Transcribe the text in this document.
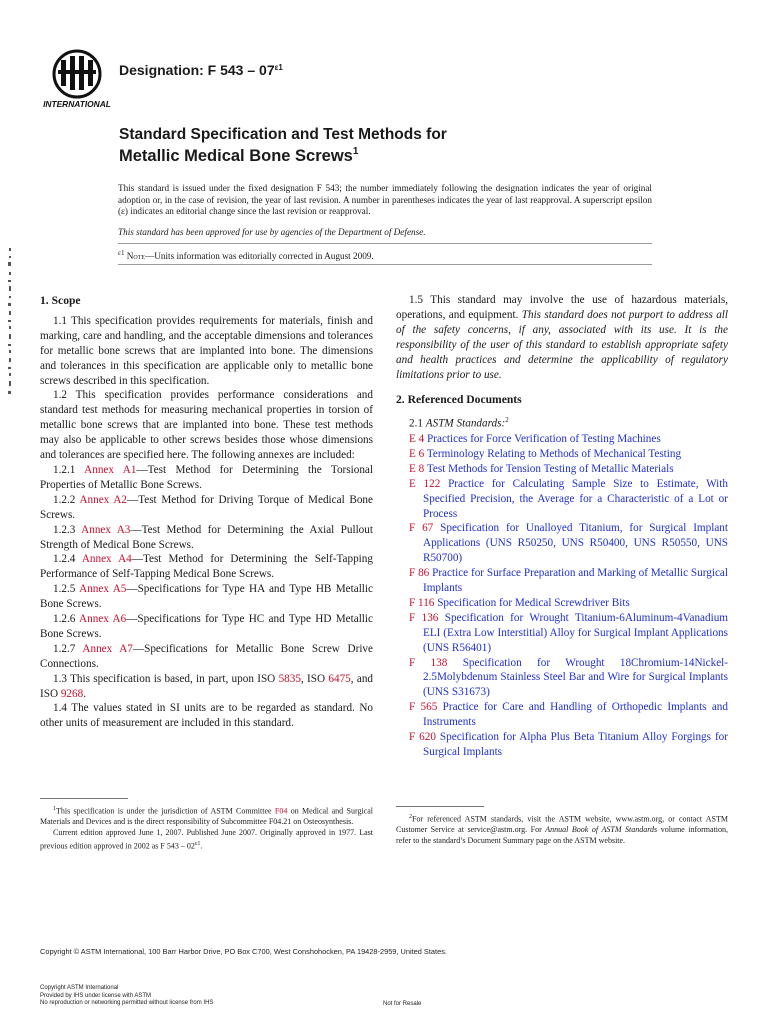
INTERNATIONAL
Designation: F $543 - 07^{\varepsilon 1}$
Standard Specification and Test Methods for
Metallic Medical Bone Screws$^1$
This standard is issued under the fixed designation F 543; the number immediately following the designation indicates the year of original adoption or, in the case of revision, the year of last revision. A number in parentheses indicates the year of last reapproval. A superscript epsilon (ε) indicates an editorial change since the last revision or reapproval.
This standard has been approved for use by agencies of the Department of Defense.
$^{\varepsilon 1}$ Note—Units information was editorially corrected in August 2009.
1. Scope

1.1 This specification provides requirements for materials, finish and marking, care and handling, and the acceptable dimensions and tolerances for metallic bone screws that are implanted into bone. The dimensions and tolerances in this specification are applicable only to metallic bone screws described in this specification.

1.2 This specification provides performance considerations and standard test methods for measuring mechanical properties in torsion of metallic bone screws that are implanted into bone. These test methods may also be applicable to other screws besides those whose dimensions and tolerances are specified here. The following annexes are included:

1.2.1 Annex A1—Test Method for Determining the Torsional Properties of Metallic Bone Screws.

1.2.2 Annex A2—Test Method for Driving Torque of Medical Bone Screws.

1.2.3 Annex A3—Test Method for Determining the Axial Pullout Strength of Medical Bone Screws.

1.2.4 Annex A4—Test Method for Determining the Self-Tapping Performance of Self-Tapping Medical Bone Screws.

1.2.5 Annex A5—Specifications for Type HA and Type HB Metallic Bone Screws.

1.2.6 Annex A6—Specifications for Type HC and Type HD Metallic Bone Screws.

1.2.7 Annex A7—Specifications for Metallic Bone Screw Drive Connections.

1.3 This specification is based, in part, upon ISO 5835, ISO 6475, and ISO 9268.

1.4 The values stated in SI units are to be regarded as standard. No other units of measurement are included in this standard.

1.5 This standard may involve the use of hazardous materials, operations, and equipment. This standard does not purport to address all of the safety concerns, if any, associated with its use. It is the responsibility of the user of this standard to establish appropriate safety and health practices and determine the applicability of regulatory limitations prior to use.

2. Referenced Documents

2.1 ASTM Standards:$^2$

E 4 Practices for Force Verification of Testing Machines

E 6 Terminology Relating to Methods of Mechanical Testing

E 8 Test Methods for Tension Testing of Metallic Materials

E 122 Practice for Calculating Sample Size to Estimate, With Specified Precision, the Average for a Characteristic of a Lot or Process

F 67 Specification for Unalloyed Titanium, for Surgical Implant Applications (UNS R50250, UNS R50400, UNS R50550, UNS R50700)

F 86 Practice for Surface Preparation and Marking of Metallic Surgical Implants

F 116 Specification for Medical Screwdriver Bits

F 136 Specification for Wrought Titanium-6Aluminum-4Vanadium ELI (Extra Low Interstitial) Alloy for Surgical Implant Applications (UNS R56401)

F 138 Specification for Wrought 18Chromium-14Nickel-2.5Molybdenum Stainless Steel Bar and Wire for Surgical Implants (UNS S31673)

F 565 Practice for Care and Handling of Orthopedic Implants and Instruments

F 620 Specification for Alpha Plus Beta Titanium Alloy Forgings for Surgical Implants

$^1$This specification is under the jurisdiction of ASTM Committee F04 on Medical and Surgical Materials and Devices and is the direct responsibility of Subcommittee F04.21 on Osteosynthesis.

Current edition approved June 1, 2007. Published June 2007. Originally approved in 1977. Last previous edition approved in 2002 as F $543 - 02^{\varepsilon 1}$.

$^2$For referenced ASTM standards, visit the ASTM website, www.astm.org, or contact ASTM Customer Service at service@astm.org. For Annual Book of ASTM Standards volume information, refer to the standard’s Document Summary page on the ASTM website.

Copyright © ASTM International, 100 Barr Harbor Drive, PO Box C700, West Conshohocken, PA 19428-2959, United States.
Copyright ASTM International
Provided by IHS under license with ASTM
No reproduction or networking permitted without license from IHS	Not for Resale
